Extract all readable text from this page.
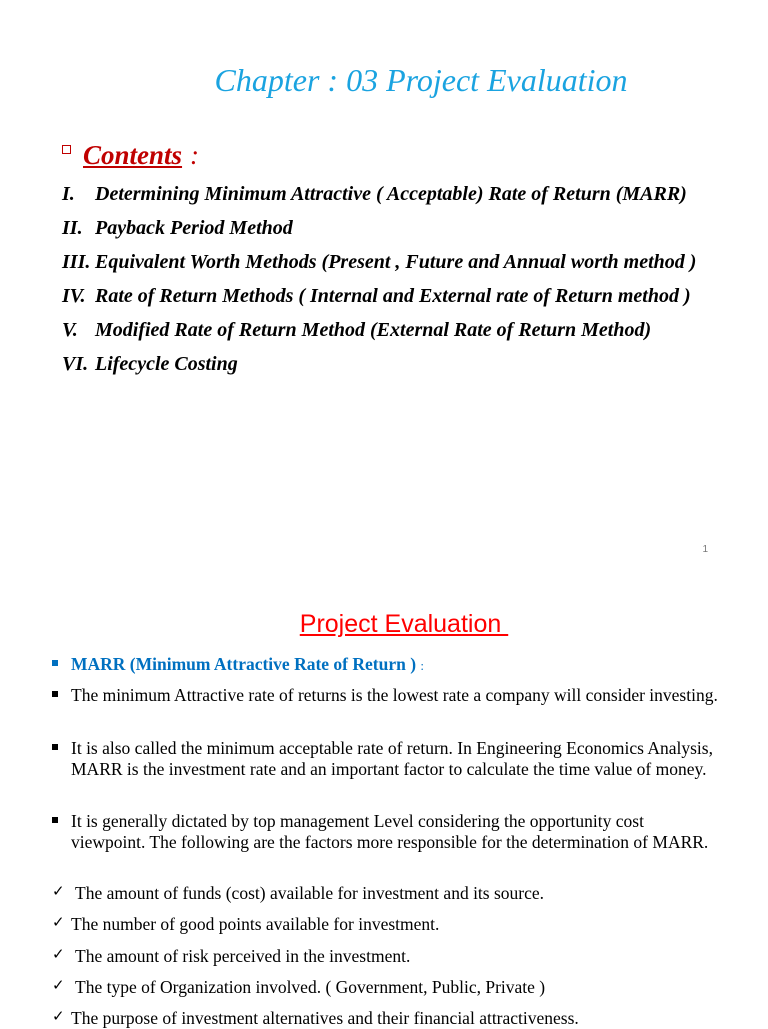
Chapter : 03 Project Evaluation
Contents :
I.	Determining Minimum Attractive ( Acceptable) Rate of Return (MARR)
II. Payback Period Method
III. Equivalent Worth Methods (Present , Future and Annual worth method )
IV. Rate of Return Methods ( Internal and External rate of Return method )
V. Modified Rate of Return Method (External Rate of Return Method)
VI. Lifecycle Costing
1
Project Evaluation
MARR (Minimum Attractive Rate of Return ) :
The minimum Attractive rate of returns is the lowest rate a company will consider investing.
It is also called the minimum acceptable rate of return. In Engineering Economics Analysis, MARR is the investment rate and an important factor to calculate the time value of money.
It is generally dictated by top management Level considering the opportunity cost viewpoint. The following are the factors more responsible for the determination of MARR.
✓ The amount of funds (cost) available for investment and its source.
✓ The number of good points available for investment.
✓ The amount of risk perceived in the investment.
✓ The type of Organization involved. ( Government, Public, Private )
✓ The purpose of investment alternatives and their financial attractiveness.
